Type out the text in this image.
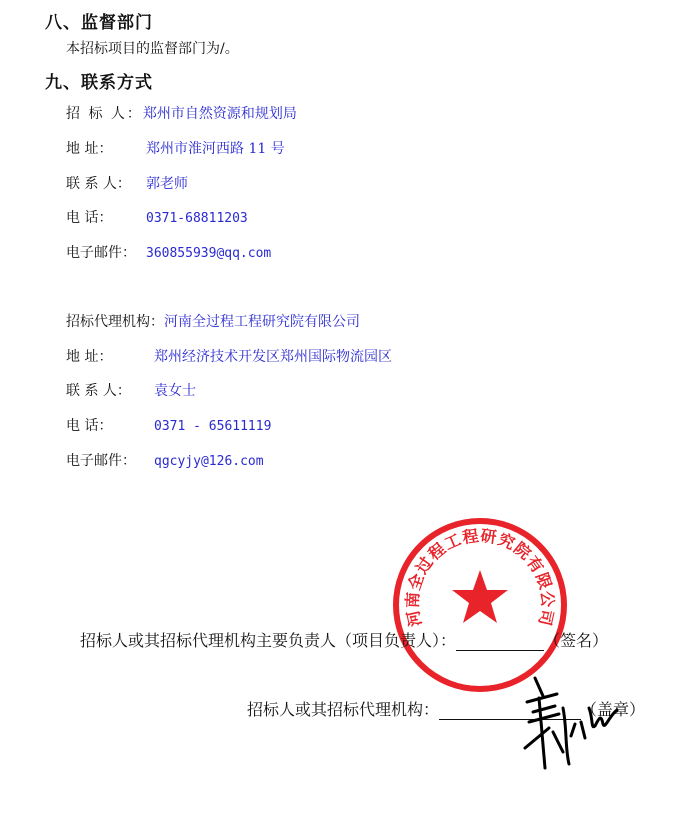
八、监督部门
本招标项目的监督部门为/。
九、联系方式
招 标 人：郑州市自然资源和规划局
地 址： 郑州市淮河西路 11 号
联 系 人： 郭老师
电 话：	0371-68811203
电子邮件： 360855939@qq.com
招标代理机构：河南全过程工程研究院有限公司
地 址：	郑州经济技术开发区郑州国际物流园区
联 系 人： 袁女士
电 话：	0371 - 65611119
电子邮件： qgcyjy@126.com
河南全过程工程研究院有限公司
招标人或其招标代理机构主要负责人（项目负责人）：	（签名）
招标人或其招标代理机构：	（盖章）
